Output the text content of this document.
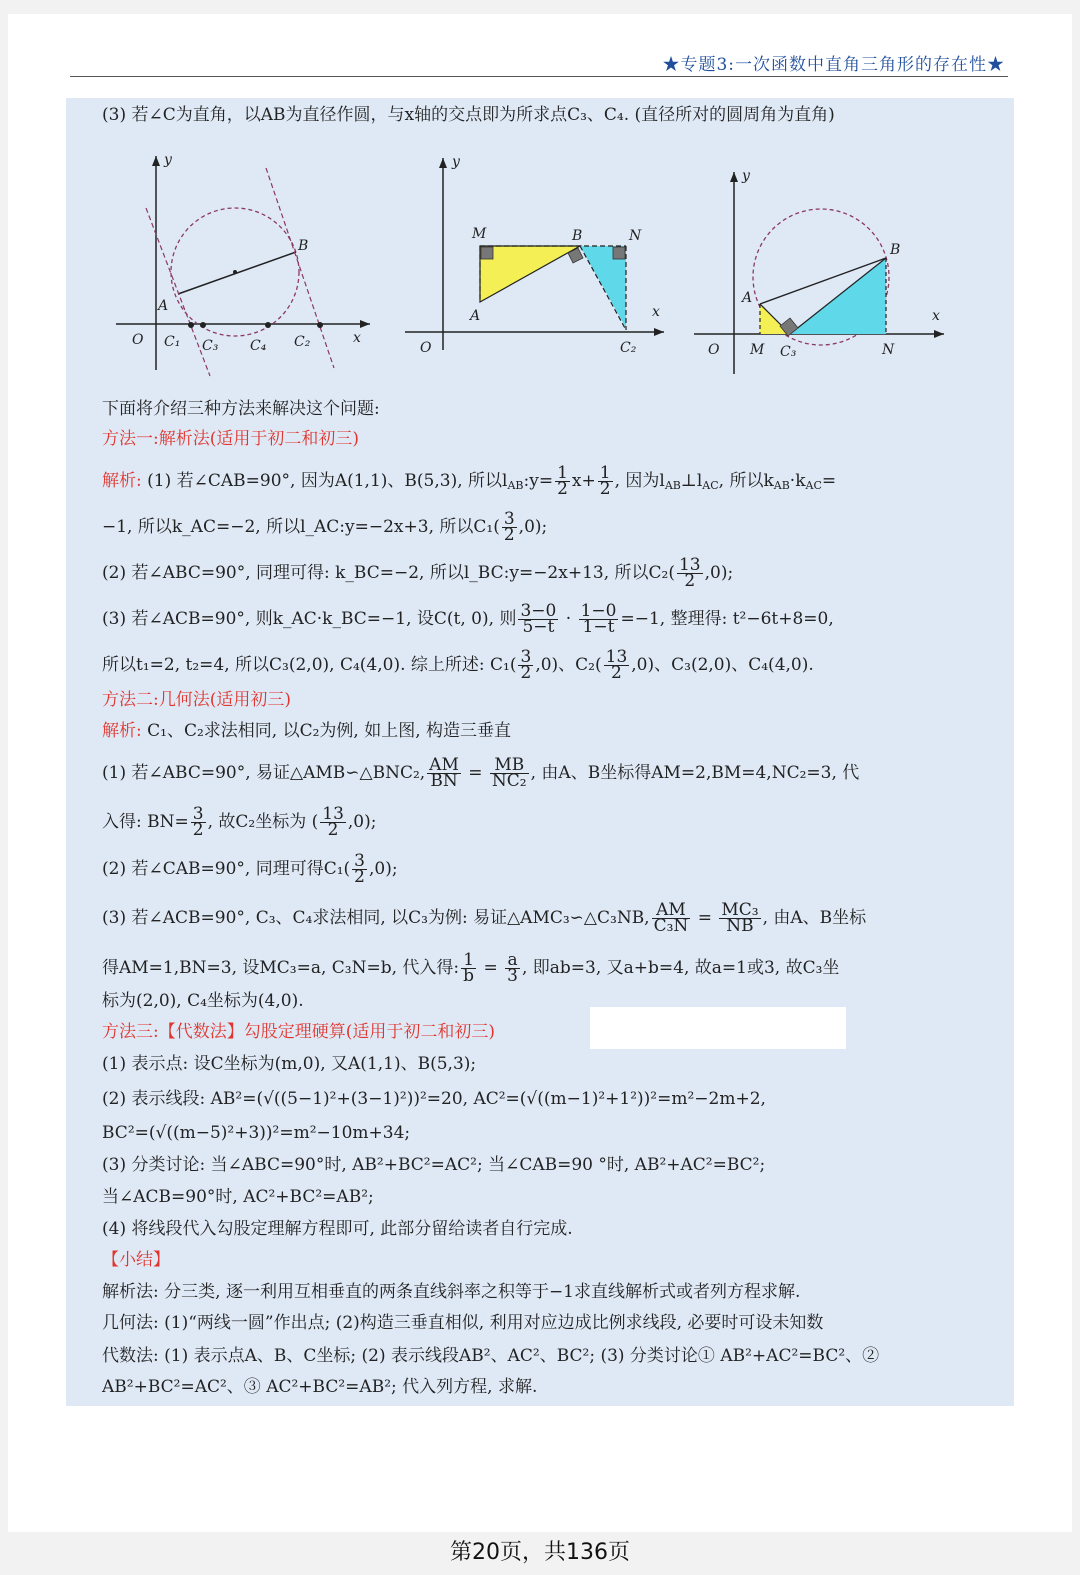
★专题3:一次函数中直角三角形的存在性★
(3) 若∠C为直角，以AB为直径作圆，与x轴的交点即为所求点C₃、C₄. (直径所对的圆周角为直角)
y
x
O
A
B
C₁ C₃ C₄ C₂
y
x
O
A
B
M	N
C₂
y
x
O
A
B
M C₃	N
下面将介绍三种方法来解决这个问题:
方法一:解析法(适用于初二和初三)
解析: (1) 若∠CAB=90°, 因为A(1,1)、B(5,3), 所以$l_{AB}:y= \frac{1}{2} x+ \frac{1}{2}$ , 因为$l_{AB}\perp l_{AC}$, 所以$k_{AB}\cdot k_{AC}=$
−1, 所以k_AC=−2, 所以l_AC:y=−2x+3, 所以$C_1( \frac{3}{2} ,0)$;
(2) 若∠ABC=90°, 同理可得: k_BC=−2, 所以l_BC:y=−2x+13, 所以$C_2( \frac{13}{2} ,0)$;
(3) 若∠ACB=90°, 则k_AC·k_BC=−1, 设C(t, 0), 则 $\frac{3-0}{5-t} \cdot \frac{1-0}{1-t} =-1$, 整理得: t²−6t+8=0,
所以t₁=2, t₂=4, 所以C₃(2,0), C₄(4,0). 综上所述: $C_1( \frac{3}{2} ,0)$、$C_2( \frac{13}{2} ,0)$、C₃(2,0)、C₄(4,0).
方法二:几何法(适用初三)
解析: C₁、C₂求法相同, 以C₂为例, 如上图, 构造三垂直
(1) 若∠ABC=90°, 易证△AMB∽△BNC₂, $\frac{AM}{BN} = \frac{MB}{\text{NC₂}}$ , 由A、B坐标得AM=2,BM=4,NC₂=3, 代
入得: $BN= \frac{3}{2}$ , 故C₂坐标为 ( $\frac{13}{2} ,0$);
(2) 若∠CAB=90°, 同理可得$C_1( \frac{3}{2} ,0)$;
(3) 若∠ACB=90°, C₃、C₄求法相同, 以C₃为例: 易证△AMC₃∽△C₃NB, $\frac{AM}{\text{C₃N}} = \frac{\text{MC₃}}{NB}$ , 由A、B坐标
得AM=1,BN=3, 设MC₃=a, C₃N=b, 代入得: $\frac{1}{b} = \frac{a}{3}$ , 即ab=3, 又a+b=4, 故a=1或3, 故C₃坐
标为(2,0), C₄坐标为(4,0).
方法三:【代数法】勾股定理硬算(适用于初二和初三)
(1) 表示点: 设C坐标为(m,0), 又A(1,1)、B(5,3);
(2) 表示线段: AB²=(√((5−1)²+(3−1)²))²=20, AC²=(√((m−1)²+1²))²=m²−2m+2,
BC²=(√((m−5)²+3))²=m²−10m+34;
(3) 分类讨论: 当∠ABC=90°时, AB²+BC²=AC²; 当∠CAB=90 °时, AB²+AC²=BC²;
当∠ACB=90°时, AC²+BC²=AB²;
(4) 将线段代入勾股定理解方程即可, 此部分留给读者自行完成.
【小结】
解析法: 分三类, 逐一利用互相垂直的两条直线斜率之积等于−1求直线解析式或者列方程求解.
几何法: (1)“两线一圆”作出点; (2)构造三垂直相似, 利用对应边成比例求线段, 必要时可设未知数
代数法: (1) 表示点A、B、C坐标; (2) 表示线段AB²、AC²、BC²; (3) 分类讨论① AB²+AC²=BC²、②
AB²+BC²=AC²、③ AC²+BC²=AB²; 代入列方程, 求解.
第20页，共136页
